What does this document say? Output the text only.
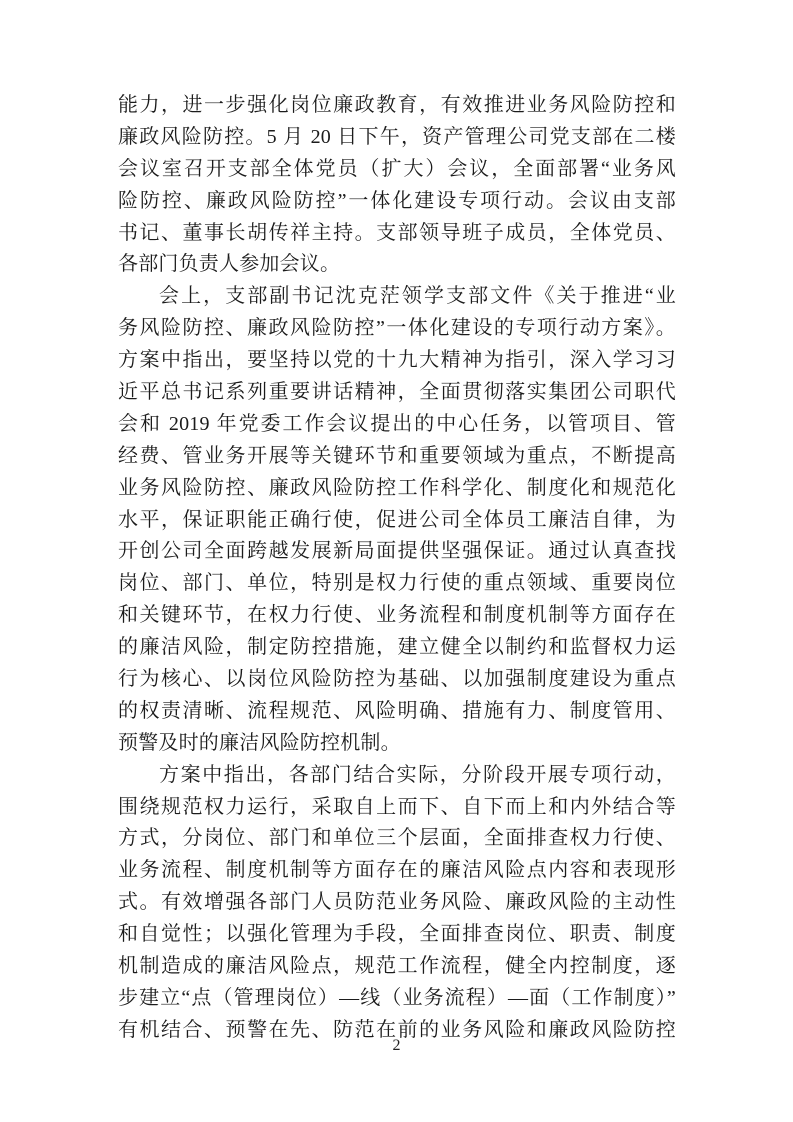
能力，进一步强化岗位廉政教育，有效推进业务风险防控和
廉政风险防控。5 月 20 日下午，资产管理公司党支部在二楼
会议室召开支部全体党员（扩大）会议，全面部署“业务风
险防控、廉政风险防控”一体化建设专项行动。会议由支部
书记、董事长胡传祥主持。支部领导班子成员，全体党员、
各部门负责人参加会议。
会上，支部副书记沈克茫领学支部文件《关于推进“业
务风险防控、廉政风险防控”一体化建设的专项行动方案》。
方案中指出，要坚持以党的十九大精神为指引，深入学习习
近平总书记系列重要讲话精神，全面贯彻落实集团公司职代
会和 2019 年党委工作会议提出的中心任务，以管项目、管
经费、管业务开展等关键环节和重要领域为重点，不断提高
业务风险防控、廉政风险防控工作科学化、制度化和规范化
水平，保证职能正确行使，促进公司全体员工廉洁自律，为
开创公司全面跨越发展新局面提供坚强保证。通过认真查找
岗位、部门、单位，特别是权力行使的重点领域、重要岗位
和关键环节，在权力行使、业务流程和制度机制等方面存在
的廉洁风险，制定防控措施，建立健全以制约和监督权力运
行为核心、以岗位风险防控为基础、以加强制度建设为重点
的权责清晰、流程规范、风险明确、措施有力、制度管用、
预警及时的廉洁风险防控机制。
方案中指出，各部门结合实际，分阶段开展专项行动，
围绕规范权力运行，采取自上而下、自下而上和内外结合等
方式，分岗位、部门和单位三个层面，全面排查权力行使、
业务流程、制度机制等方面存在的廉洁风险点内容和表现形
式。有效增强各部门人员防范业务风险、廉政风险的主动性
和自觉性；以强化管理为手段，全面排查岗位、职责、制度
机制造成的廉洁风险点，规范工作流程，健全内控制度，逐
步建立“点（管理岗位）—线（业务流程）—面（工作制度）”
有机结合、预警在先、防范在前的业务风险和廉政风险防控
2
